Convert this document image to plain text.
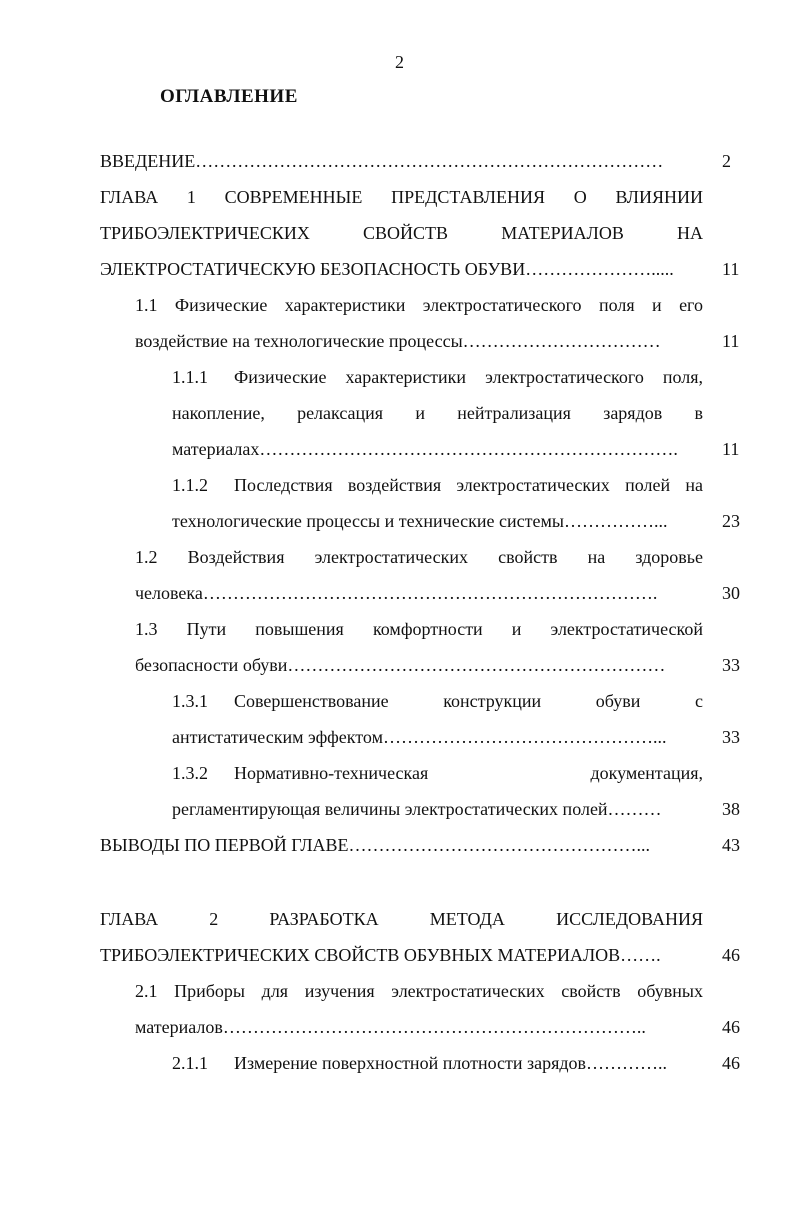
2
ОГЛАВЛЕНИЕ
ВВЕДЕНИЕ……………………………………………………………………	2
ГЛАВА 1 СОВРЕМЕННЫЕ ПРЕДСТАВЛЕНИЯ О ВЛИЯНИИ
ТРИБОЭЛЕКТРИЧЕСКИХ СВОЙСТВ МАТЕРИАЛОВ НА
ЭЛЕКТРОСТАТИЧЕСКУЮ БЕЗОПАСНОСТЬ ОБУВИ………………….....	11
1.1 Физические характеристики электростатического поля и его
воздействие на технологические процессы……………………………	11
1.1.1 Физические характеристики электростатического поля,
накопление, релаксация и нейтрализация зарядов в
материалах…………………………………………………………….	11
1.1.2 Последствия воздействия электростатических полей на
технологические процессы и технические системы……………...	23
1.2 Воздействия электростатических свойств на здоровье
человека………………………………………………………………….	30
1.3 Пути повышения комфортности и электростатической
безопасности обуви………………………………………………………	33
1.3.1 Совершенствование конструкции обуви с
антистатическим эффектом………………………………………...	33
1.3.2 Нормативно-техническая документация,
регламентирующая величины электростатических полей………	38
ВЫВОДЫ ПО ПЕРВОЙ ГЛАВЕ…………………………………………...	43
ГЛАВА 2 РАЗРАБОТКА МЕТОДА ИССЛЕДОВАНИЯ
ТРИБОЭЛЕКТРИЧЕСКИХ СВОЙСТВ ОБУВНЫХ МАТЕРИАЛОВ…….	46
2.1 Приборы для изучения электростатических свойств обувных
материалов……………………………………………………………..	46
2.1.1 Измерение поверхностной плотности зарядов…………..	46
